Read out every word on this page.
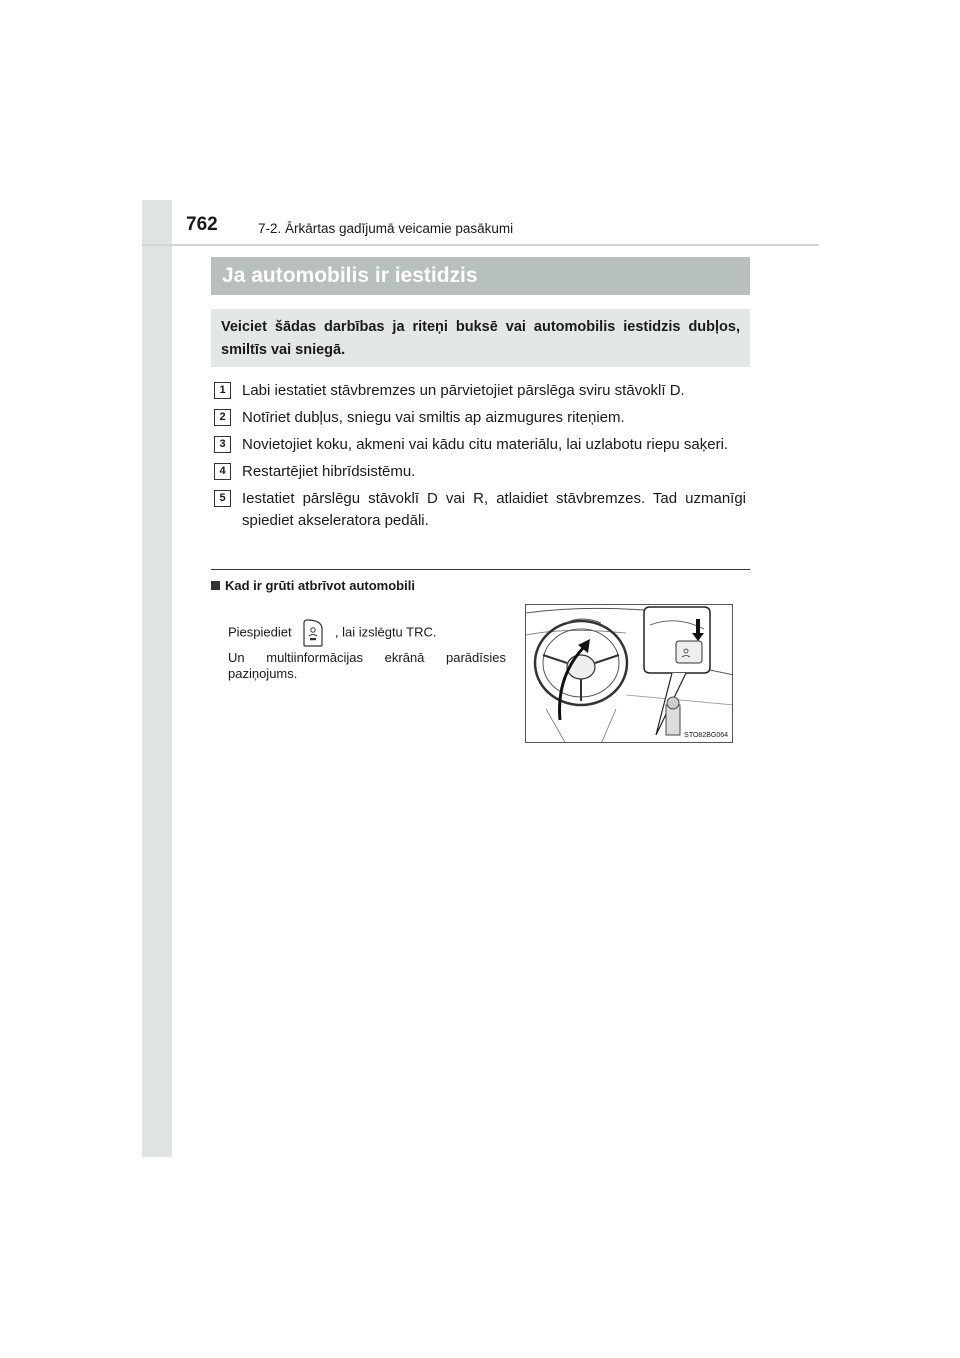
762	7-2. Ārkārtas gadījumā veicamie pasākumi
Ja automobilis ir iestidzis
Veiciet šādas darbības ja riteņi buksē vai automobilis iestidzis dubļos, smiltīs vai sniegā.
1	Labi iestatiet stāvbremzes un pārvietojiet pārslēga sviru stāvoklī D.
2	Notīriet dubļus, sniegu vai smiltis ap aizmugures riteņiem.
3	Novietojiet koku, akmeni vai kādu citu materiālu, lai uzlabotu riepu saķeri.
4	Restartējiet hibrīdsistēmu.
5	Iestatiet pārslēgu stāvoklī D vai R, atlaidiet stāvbremzes. Tad uzmanīgi spiediet akseleratora pedāli.
Kad ir grūti atbrīvot automobili
Piespiediet	, lai izslēgtu TRC.
Un multiinformācijas ekrānā parādīsies paziņojums.
STO82BG064
